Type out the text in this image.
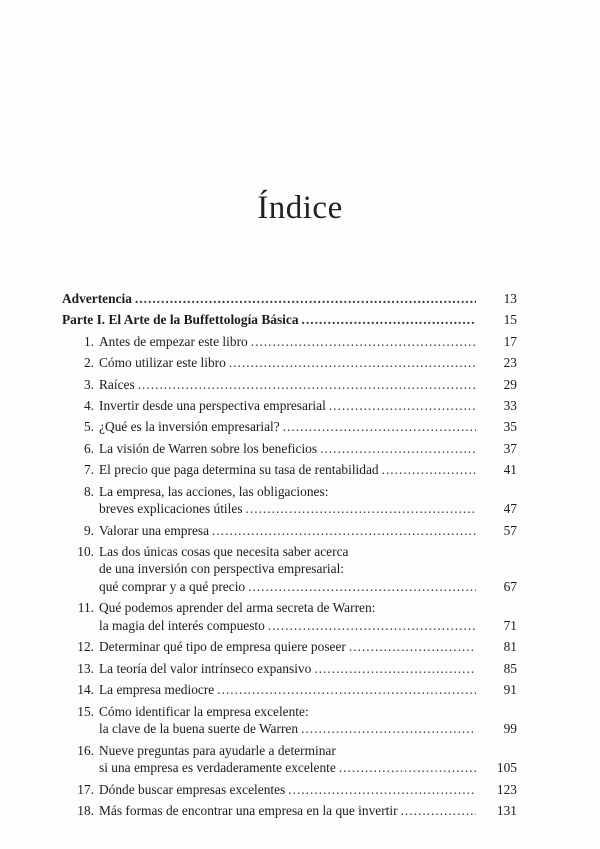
Índice
Advertencia .....	13
Parte I. El Arte de la Buffettología Básica .....	15
1. Antes de empezar este libro .....	17
2. Cómo utilizar este libro .....	23
3. Raíces .....	29
4. Invertir desde una perspectiva empresarial .....	33
5. ¿Qué es la inversión empresarial? .....	35
6. La visión de Warren sobre los beneficios .....	37
7. El precio que paga determina su tasa de rentabilidad .....	41
8. La empresa, las acciones, las obligaciones:
breves explicaciones útiles .....	47
9. Valorar una empresa .....	57
10. Las dos únicas cosas que necesita saber acerca
de una inversión con perspectiva empresarial:
qué comprar y a qué precio .....	67
11. Qué podemos aprender del arma secreta de Warren:
la magia del interés compuesto .....	71
12. Determinar qué tipo de empresa quiere poseer .....	81
13. La teoría del valor intrínseco expansivo .....	85
14. La empresa mediocre .....	91
15. Cómo identificar la empresa excelente:
la clave de la buena suerte de Warren .....	99
16. Nueve preguntas para ayudarle a determinar
si una empresa es verdaderamente excelente .....	105
17. Dónde buscar empresas excelentes .....	123
18. Más formas de encontrar una empresa en la que invertir .....	131
